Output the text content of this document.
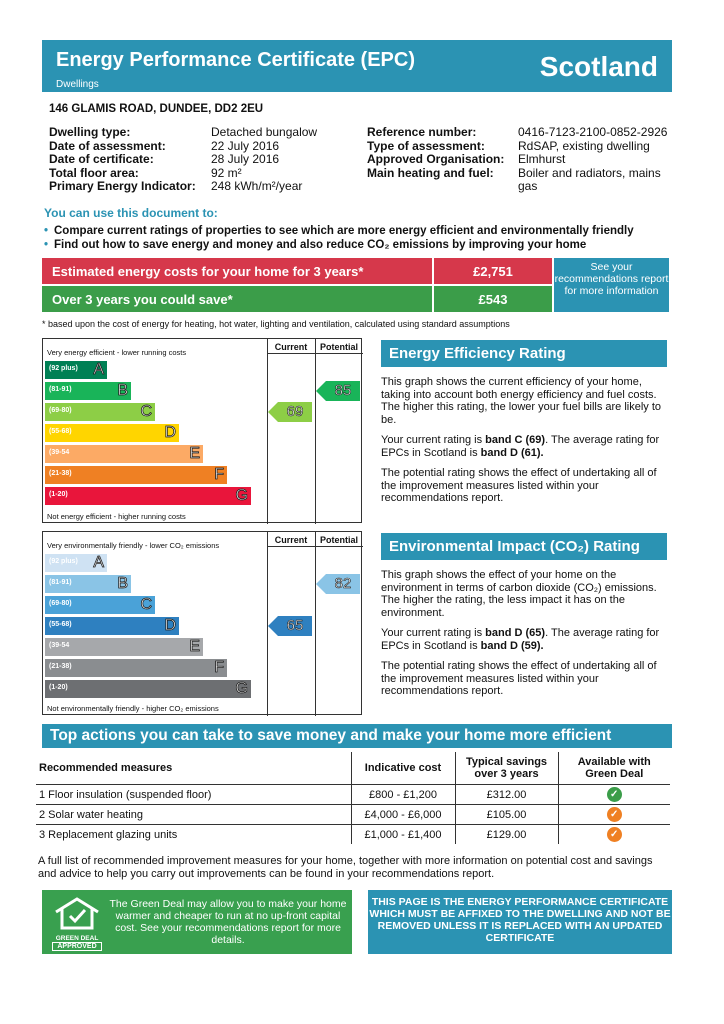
Energy Performance Certificate (EPC)
Dwellings
Scotland
146 GLAMIS ROAD, DUNDEE, DD2 2EU
Dwelling type:	Detached bungalow
Date of assessment:	22 July 2016
Date of certificate:	28 July 2016
Total floor area:	92 m²
Primary Energy Indicator:	248 kWh/m²/year
Reference number:	0416-7123-2100-0852-2926
Type of assessment:	RdSAP, existing dwelling
Approved Organisation:	Elmhurst
Main heating and fuel:	Boiler and radiators, mains gas
You can use this document to:
• Compare current ratings of properties to see which are more energy efficient and environmentally friendly
• Find out how to save energy and money and also reduce CO₂ emissions by improving your home
Estimated energy costs for your home for 3 years*	£2,751
Over 3 years you could save*	£543
See your recommendations report for more information
* based upon the cost of energy for heating, hot water, lighting and ventilation, calculated using standard assumptions
Very energy efficient - lower running costs
Not energy efficient - higher running costs
Current	Potential
(92 plus) A
(81-91)	B
(69-80)	C
(55-68)	D
(39-54	E
(21-38)	F
(1-20)	G
69
85
Very environmentally friendly - lower CO₂ emissions
Not environmentally friendly - higher CO₂ emissions
Current	Potential
(92 plus) A
(81-91)	B
(69-80)	C
(55-68)	D
(39-54	E
(21-38)	F
(1-20)	G
65
82
Energy Efficiency Rating

This graph shows the current efficiency of your home, taking into account both energy efficiency and fuel costs. The higher this rating, the lower your fuel bills are likely to be.

Your current rating is band C (69). The average rating for EPCs in Scotland is band D (61).

The potential rating shows the effect of undertaking all of the improvement measures listed within your recommendations report.

Environmental Impact (CO₂) Rating

This graph shows the effect of your home on the environment in terms of carbon dioxide (CO₂) emissions. The higher the rating, the less impact it has on the environment.

Your current rating is band D (65). The average rating for EPCs in Scotland is band D (59).

The potential rating shows the effect of undertaking all of the improvement measures listed within your recommendations report.

Top actions you can take to save money and make your home more efficient
Recommended measures	Indicative cost	Typical savings over 3 years	Available with Green Deal
1 Floor insulation (suspended floor)	£800 - £1,200	£312.00	✓
2 Solar water heating	£4,000 - £6,000	£105.00	✓
3 Replacement glazing units	£1,000 - £1,400	£129.00	✓
A full list of recommended improvement measures for your home, together with more information on potential cost and savings and advice to help you carry out improvements can be found in your recommendations report.
GREEN DEAL
APPROVED
The Green Deal may allow you to make your home warmer and cheaper to run at no up-front capital cost. See your recommendations report for more details.
THIS PAGE IS THE ENERGY PERFORMANCE CERTIFICATE WHICH MUST BE AFFIXED TO THE DWELLING AND NOT BE REMOVED UNLESS IT IS REPLACED WITH AN UPDATED CERTIFICATE
